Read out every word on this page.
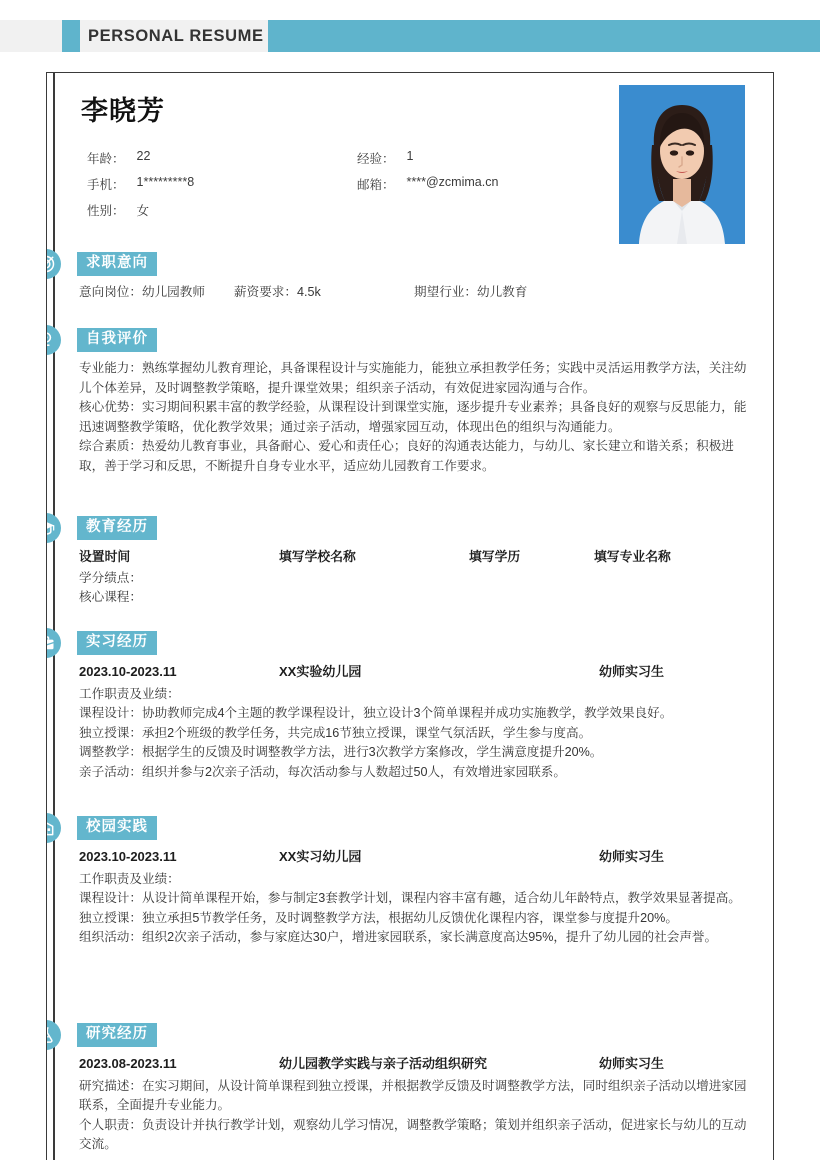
PERSONAL RESUME
李晓芳
年龄： 22	经验： 1
手机： 1*********8	邮箱： ****@zcmima.cn
性别： 女
求职意向
意向岗位：幼儿园教师	薪资要求：4.5k	期望行业：幼儿教育
自我评价

专业能力：熟练掌握幼儿教育理论，具备课程设计与实施能力，能独立承担教学任务；实践中灵活运用教学方法，关注幼儿个体差异，及时调整教学策略，提升课堂效果；组织亲子活动，有效促进家园沟通与合作。

核心优势：实习期间积累丰富的教学经验，从课程设计到课堂实施，逐步提升专业素养；具备良好的观察与反思能力，能迅速调整教学策略，优化教学效果；通过亲子活动，增强家园互动，体现出色的组织与沟通能力。

综合素质：热爱幼儿教育事业，具备耐心、爱心和责任心；良好的沟通表达能力，与幼儿、家长建立和谐关系；积极进取，善于学习和反思，不断提升自身专业水平，适应幼儿园教育工作要求。

教育经历
设置时间	填写学校名称	填写学历	填写专业名称

学分绩点：

核心课程：

实习经历
2023.10-2023.11	XX实验幼儿园	幼师实习生

工作职责及业绩：

课程设计：协助教师完成4个主题的教学课程设计，独立设计3个简单课程并成功实施教学，教学效果良好。

独立授课：承担2个班级的教学任务，共完成16节独立授课，课堂气氛活跃，学生参与度高。

调整教学：根据学生的反馈及时调整教学方法，进行3次教学方案修改，学生满意度提升20%。

亲子活动：组织并参与2次亲子活动，每次活动参与人数超过50人，有效增进家园联系。

校园实践
2023.10-2023.11	XX实习幼儿园	幼师实习生

工作职责及业绩：

课程设计：从设计简单课程开始，参与制定3套教学计划，课程内容丰富有趣，适合幼儿年龄特点，教学效果显著提高。

独立授课：独立承担5节教学任务，及时调整教学方法，根据幼儿反馈优化课程内容，课堂参与度提升20%。

组织活动：组织2次亲子活动，参与家庭达30户，增进家园联系，家长满意度高达95%，提升了幼儿园的社会声誉。

研究经历
2023.08-2023.11	幼儿园教学实践与亲子活动组织研究	幼师实习生

研究描述：在实习期间，从设计简单课程到独立授课，并根据教学反馈及时调整教学方法，同时组织亲子活动以增进家园联系，全面提升专业能力。

个人职责：负责设计并执行教学计划，观察幼儿学习情况，调整教学策略；策划并组织亲子活动，促进家长与幼儿的互动交流。
